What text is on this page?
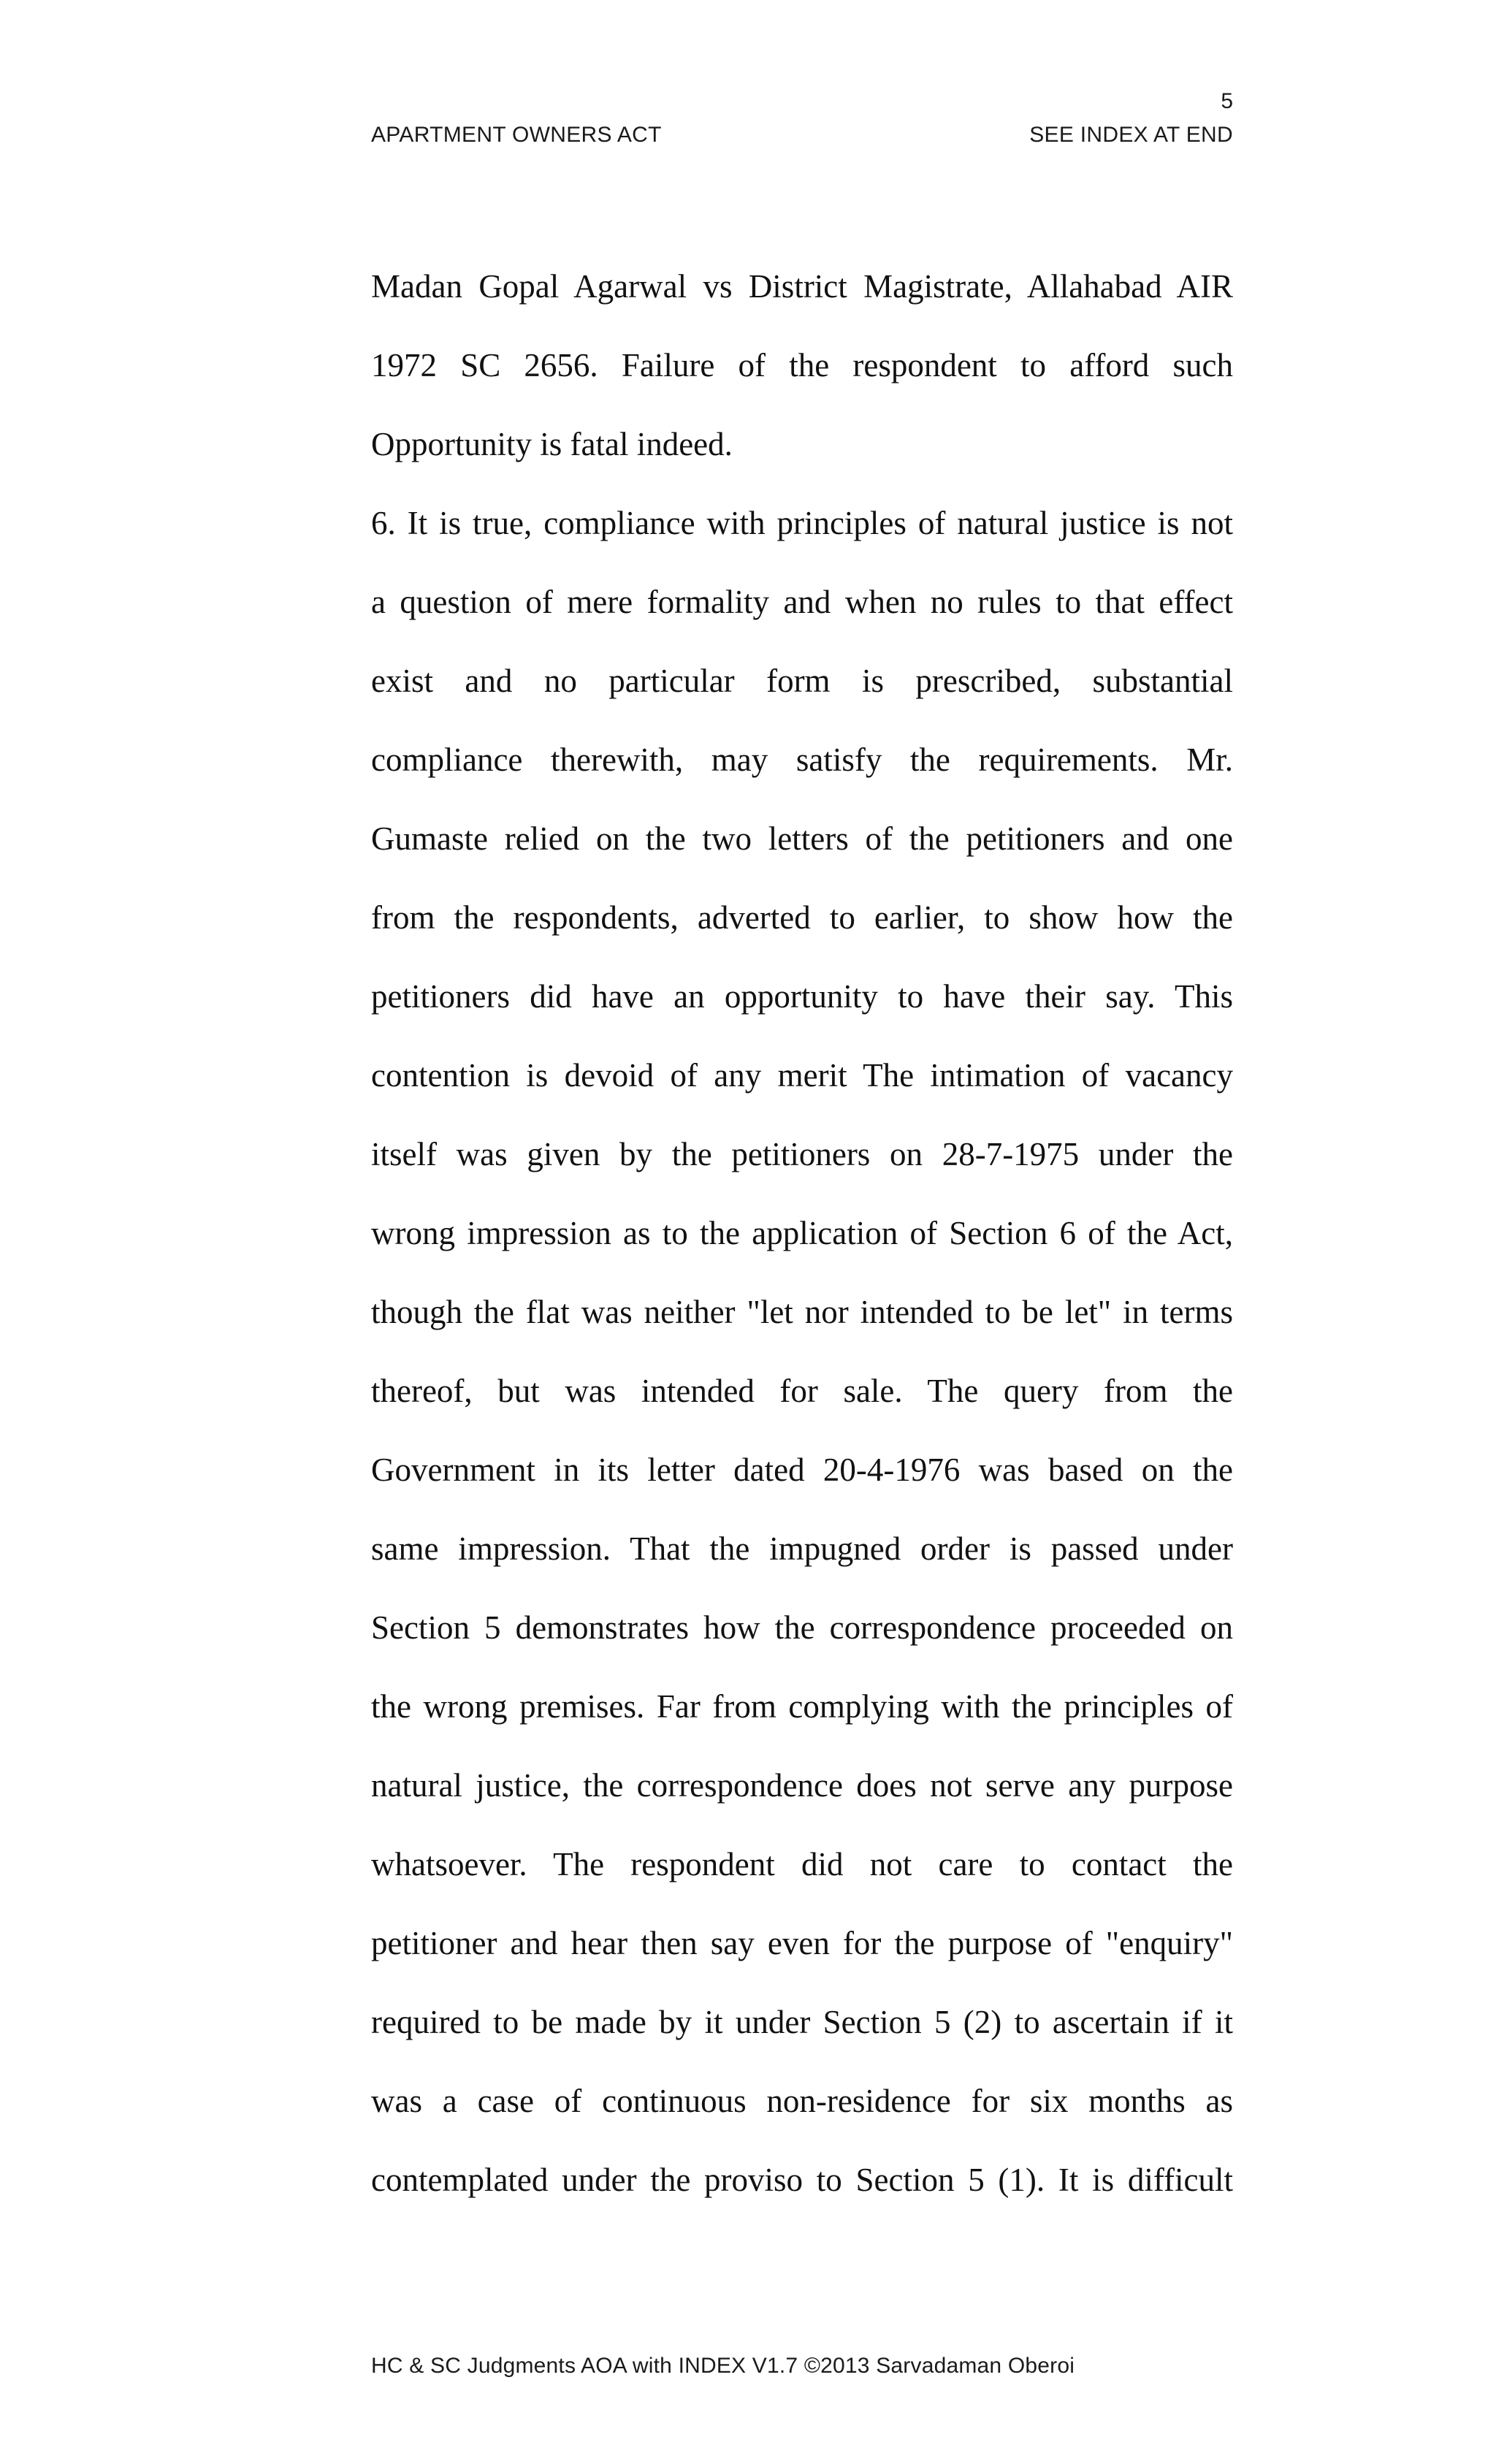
5
APARTMENT OWNERS ACT	SEE INDEX AT END
Madan Gopal Agarwal vs District Magistrate, Allahabad AIR
1972 SC 2656. Failure of the respondent to afford such
Opportunity is fatal indeed.
6. It is true, compliance with principles of natural justice is not
a question of mere formality and when no rules to that effect
exist and no particular form is prescribed, substantial
compliance therewith, may satisfy the requirements. Mr.
Gumaste relied on the two letters of the petitioners and one
from the respondents, adverted to earlier, to show how the
petitioners did have an opportunity to have their say. This
contention is devoid of any merit The intimation of vacancy
itself was given by the petitioners on 28-7-1975 under the
wrong impression as to the application of Section 6 of the Act,
though the flat was neither "let nor intended to be let" in terms
thereof, but was intended for sale. The query from the
Government in its letter dated 20-4-1976 was based on the
same impression. That the impugned order is passed under
Section 5 demonstrates how the correspondence proceeded on
the wrong premises. Far from complying with the principles of
natural justice, the correspondence does not serve any purpose
whatsoever. The respondent did not care to contact the
petitioner and hear then say even for the purpose of "enquiry"
required to be made by it under Section 5 (2) to ascertain if it
was a case of continuous non-residence for six months as
contemplated under the proviso to Section 5 (1). It is difficult
HC & SC Judgments AOA with INDEX V1.7 ©2013 Sarvadaman Oberoi
